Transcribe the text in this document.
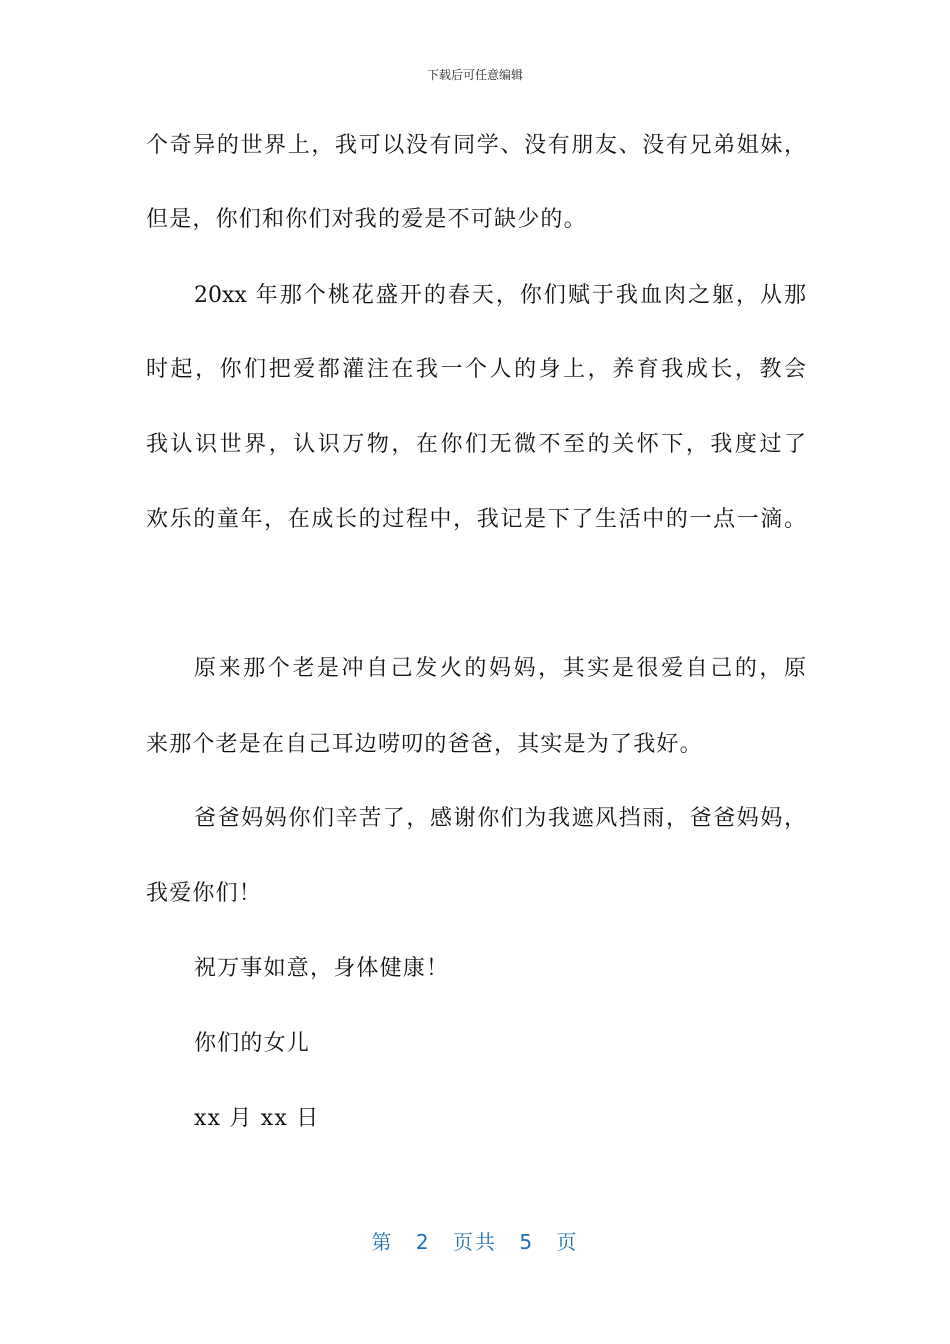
下载后可任意编辑
个奇异的世界上，我可以没有同学、没有朋友、没有兄弟姐妹，
但是，你们和你们对我的爱是不可缺少的。
20xx 年那个桃花盛开的春天，你们赋于我血肉之躯，从那
时起，你们把爱都灌注在我一个人的身上，养育我成长，教会
我认识世界，认识万物，在你们无微不至的关怀下，我度过了
欢乐的童年，在成长的过程中，我记是下了生活中的一点一滴。
原来那个老是冲自己发火的妈妈，其实是很爱自己的，原
来那个老是在自己耳边唠叨的爸爸，其实是为了我好。
爸爸妈妈你们辛苦了，感谢你们为我遮风挡雨，爸爸妈妈，
我爱你们！
祝万事如意，身体健康！
你们的女儿
xx 月 xx 日
第 2 页共 5 页
